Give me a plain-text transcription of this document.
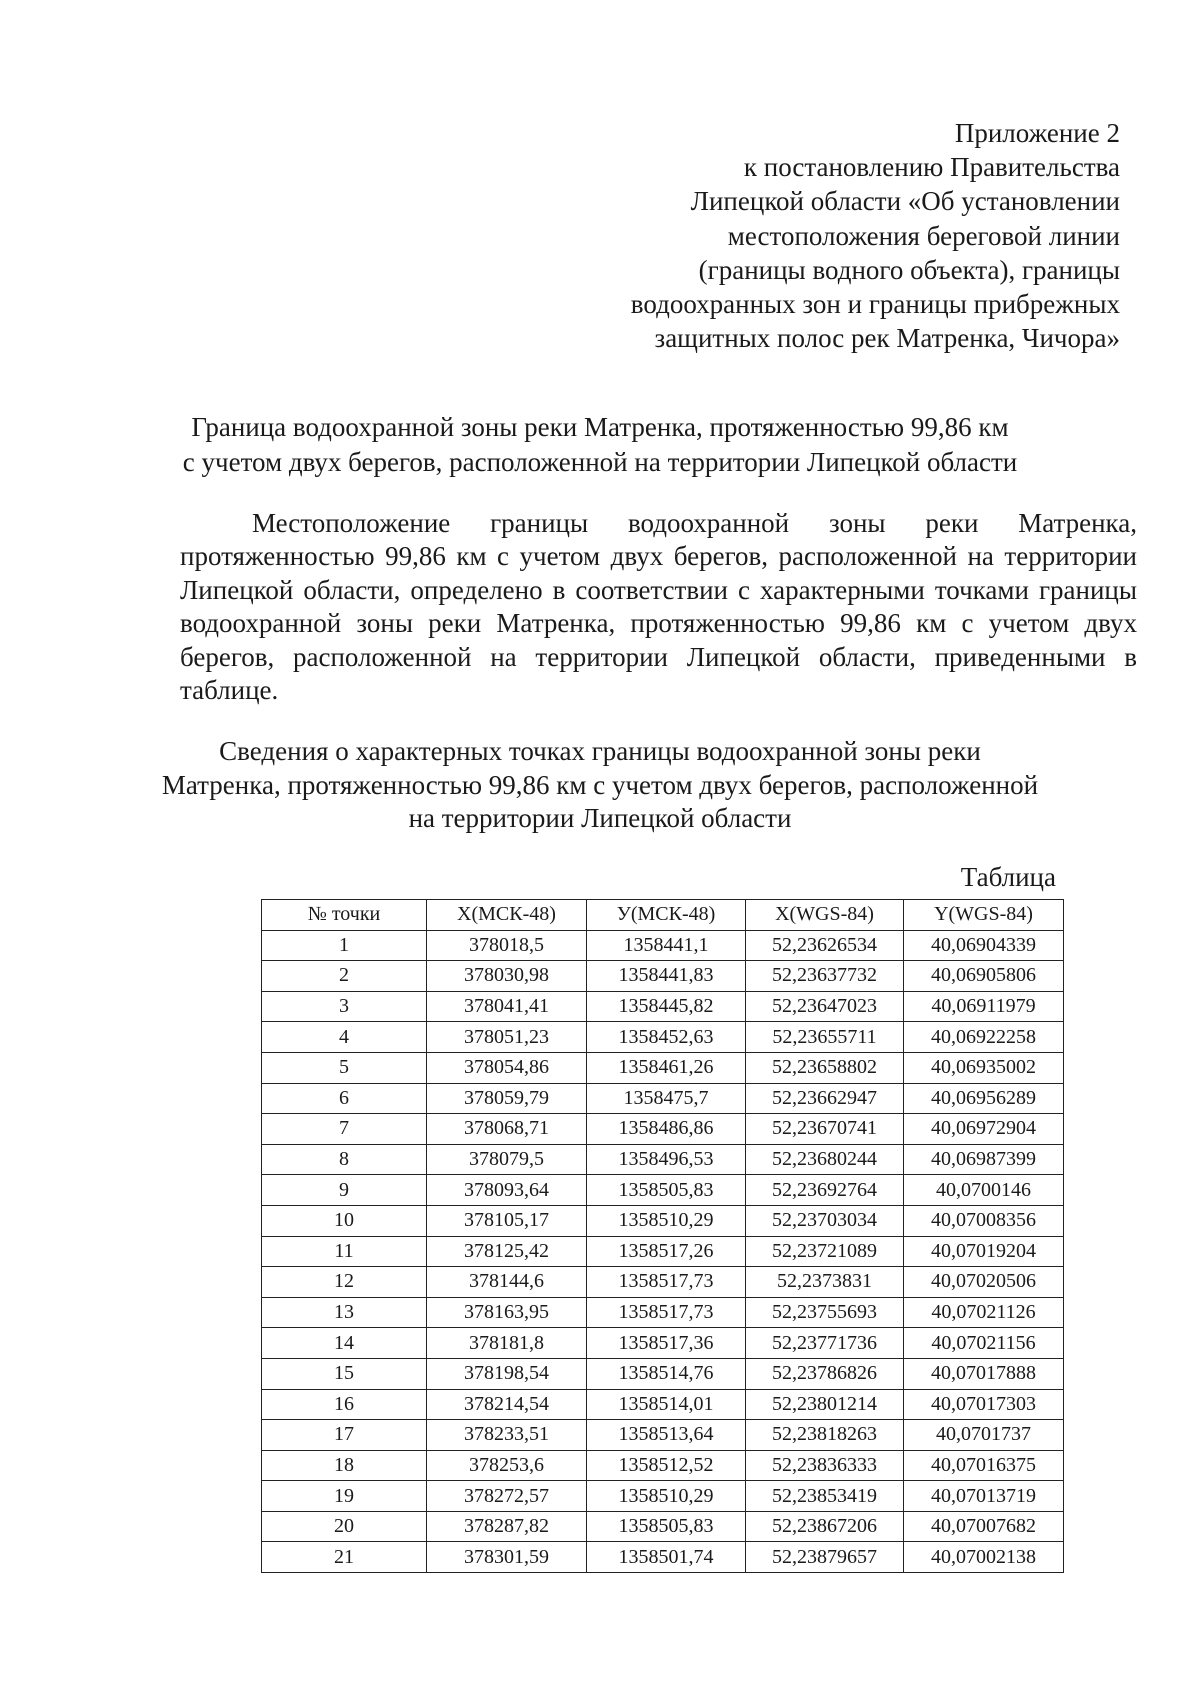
Приложение 2
к постановлению Правительства
Липецкой области «Об установлении
местоположения береговой линии
(границы водного объекта), границы
водоохранных зон и границы прибрежных
защитных полос рек Матренка, Чичора»
Граница водоохранной зоны реки Матренка, протяженностью 99,86 км
с учетом двух берегов, расположенной на территории Липецкой области
Местоположение границы водоохранной зоны реки Матренка,
протяженностью 99,86 км с учетом двух берегов, расположенной на территории
Липецкой области, определено в соответствии с характерными точками границы
водоохранной зоны реки Матренка, протяженностью 99,86 км с учетом двух
берегов, расположенной на территории Липецкой области, приведенными в
таблице.
Сведения о характерных точках границы водоохранной зоны реки
Матренка, протяженностью 99,86 км с учетом двух берегов, расположенной
на территории Липецкой области
Таблица
№ точки	X(МСК-48)	У(МСК-48)	X(WGS-84)	Y(WGS-84)
1	378018,5	1358441,1	52,23626534	40,06904339
2	378030,98	1358441,83	52,23637732	40,06905806
3	378041,41	1358445,82	52,23647023	40,06911979
4	378051,23	1358452,63	52,23655711	40,06922258
5	378054,86	1358461,26	52,23658802	40,06935002
6	378059,79	1358475,7	52,23662947	40,06956289
7	378068,71	1358486,86	52,23670741	40,06972904
8	378079,5	1358496,53	52,23680244	40,06987399
9	378093,64	1358505,83	52,23692764	40,0700146
10	378105,17	1358510,29	52,23703034	40,07008356
11	378125,42	1358517,26	52,23721089	40,07019204
12	378144,6	1358517,73	52,2373831	40,07020506
13	378163,95	1358517,73	52,23755693	40,07021126
14	378181,8	1358517,36	52,23771736	40,07021156
15	378198,54	1358514,76	52,23786826	40,07017888
16	378214,54	1358514,01	52,23801214	40,07017303
17	378233,51	1358513,64	52,23818263	40,0701737
18	378253,6	1358512,52	52,23836333	40,07016375
19	378272,57	1358510,29	52,23853419	40,07013719
20	378287,82	1358505,83	52,23867206	40,07007682
21	378301,59	1358501,74	52,23879657	40,07002138
